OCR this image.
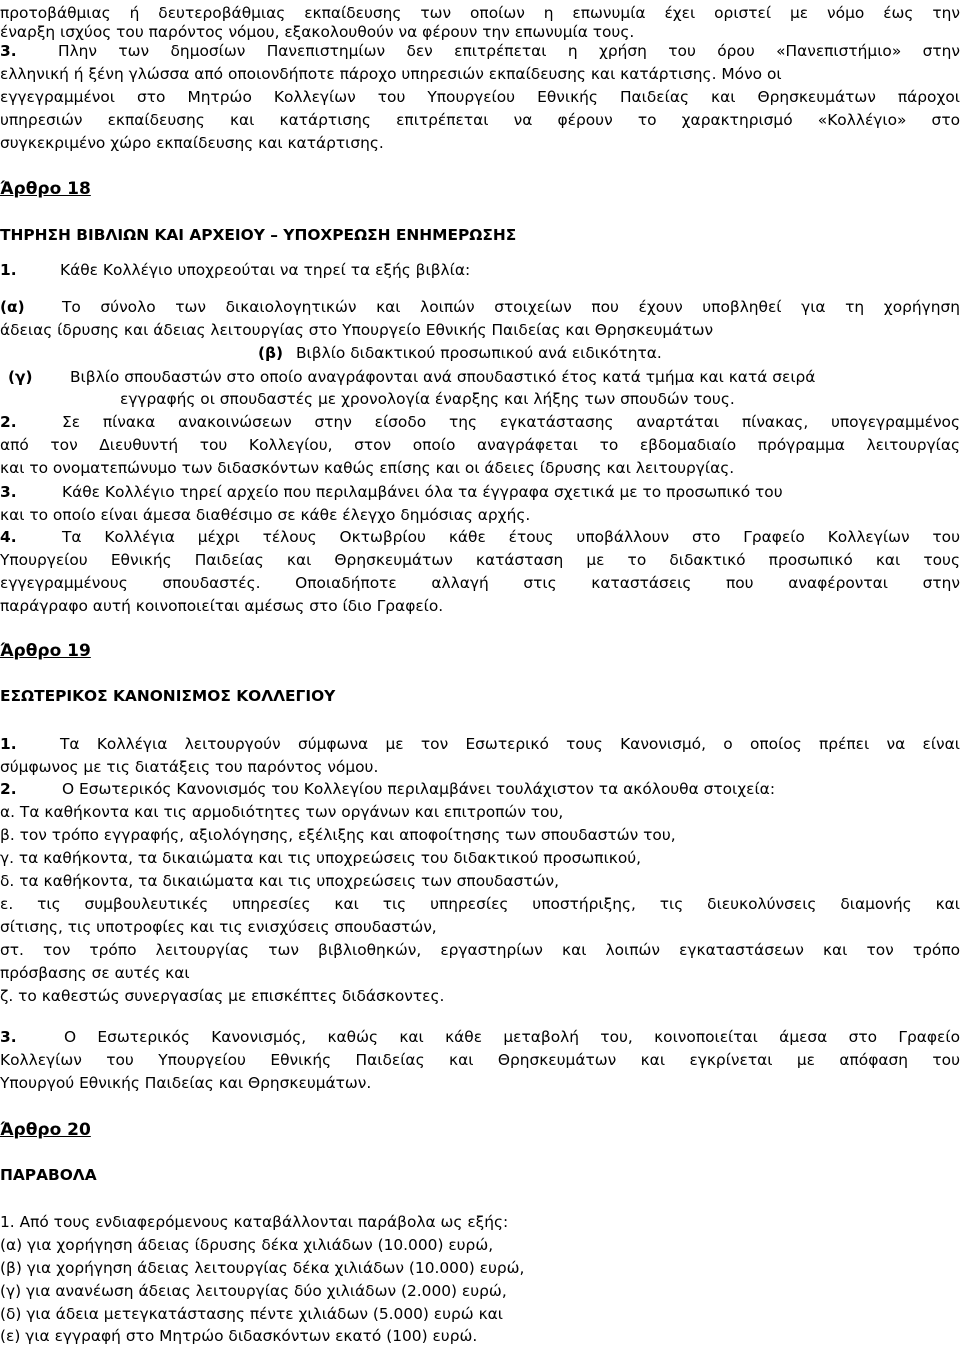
προτοβάθμιας ή δευτεροβάθμιας εκπαίδευσης των οποίων η επωνυμία έχει οριστεί με νόμο έως την
έναρξη ισχύος του παρόντος νόμου, εξακολουθούν να φέρουν την επωνυμία τους.
3.	Πλην των δημοσίων Πανεπιστημίων δεν επιτρέπεται η χρήση του όρου «Πανεπιστήμιο» στην
ελληνική ή ξένη γλώσσα από οποιονδήποτε πάροχο υπηρεσιών εκπαίδευσης και κατάρτισης. Μόνο οι
εγγεγραμμένοι στο Μητρώο Κολλεγίων του Υπουργείου Εθνικής Παιδείας και Θρησκευμάτων πάροχοι
υπηρεσιών εκπαίδευσης και κατάρτισης επιτρέπεται να φέρουν το χαρακτηρισμό «Κολλέγιο» στο
συγκεκριμένο χώρο εκπαίδευσης και κατάρτισης.
Άρθρο 18
ΤΗΡΗΣΗ ΒΙΒΛΙΩΝ ΚΑΙ ΑΡΧΕΙΟΥ – ΥΠΟΧΡΕΩΣΗ ΕΝΗΜΕΡΩΣΗΣ
1.	Κάθε Κολλέγιο υποχρεούται να τηρεί τα εξής βιβλία:
(α) Το σύνολο των δικαιολογητικών και λοιπών στοιχείων που έχουν υποβληθεί για τη χορήγηση
άδειας ίδρυσης και άδειας λειτουργίας στο Υπουργείο Εθνικής Παιδείας και Θρησκευμάτων
(β) Βιβλίο διδακτικού προσωπικού ανά ειδικότητα.
(γ) Βιβλίο σπουδαστών στο οποίο αναγράφονται ανά σπουδαστικό έτος κατά τμήμα και κατά σειρά
εγγραφής οι σπουδαστές με χρονολογία έναρξης και λήξης των σπουδών τους.
2.	Σε πίνακα ανακοινώσεων στην είσοδο της εγκατάστασης αναρτάται πίνακας, υπογεγραμμένος
από τον Διευθυντή του Κολλεγίου, στον οποίο αναγράφεται το εβδομαδιαίο πρόγραμμα λειτουργίας
και το ονοματεπώνυμο των διδασκόντων καθώς επίσης και οι άδειες ίδρυσης και λειτουργίας.
3.	Κάθε Κολλέγιο τηρεί αρχείο που περιλαμβάνει όλα τα έγγραφα σχετικά με το προσωπικό του
και το οποίο είναι άμεσα διαθέσιμο σε κάθε έλεγχο δημόσιας αρχής.
4.	Τα Κολλέγια μέχρι τέλους Οκτωβρίου κάθε έτους υποβάλλουν στο Γραφείο Κολλεγίων του
Υπουργείου Εθνικής Παιδείας και Θρησκευμάτων κατάσταση με το διδακτικό προσωπικό και τους
εγγεγραμμένους  σπουδαστές.  Οποιαδήποτε  αλλαγή  στις  καταστάσεις  που  αναφέρονται  στην
παράγραφο αυτή κοινοποιείται αμέσως στο ίδιο Γραφείο.
Άρθρο 19
ΕΣΩΤΕΡΙΚΟΣ ΚΑΝΟΝΙΣΜΟΣ ΚΟΛΛΕΓΙΟΥ
1.	Τα Κολλέγια λειτουργούν σύμφωνα με τον Εσωτερικό τους Κανονισμό, ο οποίος πρέπει να είναι
σύμφωνος με τις διατάξεις του παρόντος νόμου.
2.	Ο Εσωτερικός Κανονισμός του Κολλεγίου περιλαμβάνει τουλάχιστον τα ακόλουθα στοιχεία:
α. Τα καθήκοντα και τις αρμοδιότητες των οργάνων και επιτροπών του,
β. τον τρόπο εγγραφής, αξιολόγησης, εξέλιξης και αποφοίτησης των σπουδαστών του,
γ. τα καθήκοντα, τα δικαιώματα και τις υποχρεώσεις του διδακτικού προσωπικού,
δ. τα καθήκοντα, τα δικαιώματα και τις υποχρεώσεις των σπουδαστών,
ε. τις συμβουλευτικές υπηρεσίες και τις υπηρεσίες υποστήριξης, τις διευκολύνσεις διαμονής και
σίτισης, τις υποτροφίες και τις ενισχύσεις σπουδαστών,
στ. τον τρόπο λειτουργίας των βιβλιοθηκών, εργαστηρίων και λοιπών εγκαταστάσεων και τον τρόπο
πρόσβασης σε αυτές και
ζ. το καθεστώς συνεργασίας με επισκέπτες διδάσκοντες.
3.	Ο Εσωτερικός Κανονισμός, καθώς και κάθε μεταβολή του, κοινοποιείται άμεσα στο Γραφείο
Κολλεγίων του Υπουργείου Εθνικής Παιδείας και Θρησκευμάτων και εγκρίνεται με απόφαση του
Υπουργού Εθνικής Παιδείας και Θρησκευμάτων.
Άρθρο 20
ΠΑΡΑΒΟΛΑ
1. Από τους ενδιαφερόμενους καταβάλλονται παράβολα ως εξής:
(α) για χορήγηση άδειας ίδρυσης δέκα χιλιάδων (10.000) ευρώ,
(β) για χορήγηση άδειας λειτουργίας δέκα χιλιάδων (10.000) ευρώ,
(γ) για ανανέωση άδειας λειτουργίας δύο χιλιάδων (2.000) ευρώ,
(δ) για άδεια μετεγκατάστασης πέντε χιλιάδων (5.000) ευρώ και
(ε) για εγγραφή στο Μητρώο διδασκόντων εκατό (100) ευρώ.
